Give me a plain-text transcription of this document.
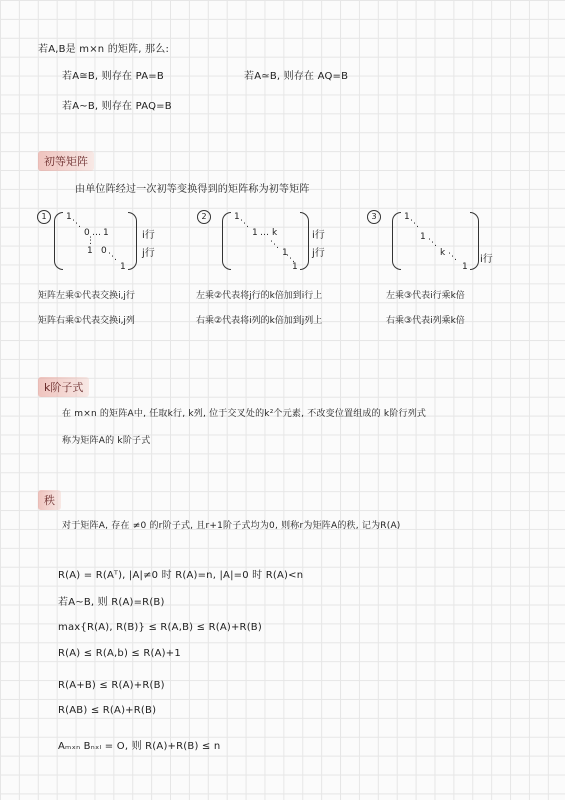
若A,B是 m×n 的矩阵, 那么:
若A≅B, 则存在 PA=B	若A≃B, 则存在 AQ=B
若A~B, 则存在 PAQ=B
初等矩阵
由单位阵经过一次初等变换得到的矩阵称为初等矩阵
1	1
⋱
0 … 1
⋮
1 0
⋱
1
i行
j行
矩阵左乘①代表交换i,j行
矩阵右乘①代表交换i,j列
2	1
⋱
1 … k
⋱
1
⋱
1
i行
j行
左乘②代表将j行的k倍加到i行上
右乘②代表将i列的k倍加到j列上
3	1
⋱
1
⋱
k ⋱
1
i行
左乘③代表i行乘k倍
右乘③代表i列乘k倍
k阶子式
在 m×n 的矩阵A中, 任取k行, k列, 位于交叉处的k²个元素, 不改变位置组成的 k阶行列式
称为矩阵A的 k阶子式
秩
对于矩阵A, 存在 ≠0 的r阶子式, 且r+1阶子式均为0, 则称r为矩阵A的秩, 记为R(A)
R(A) = R(Aᵀ), |A|≠0 时 R(A)=n, |A|=0 时 R(A)<n
若A~B, 则 R(A)=R(B)
max{R(A), R(B)} ≤ R(A,B) ≤ R(A)+R(B)
R(A) ≤ R(A,b) ≤ R(A)+1
R(A+B) ≤ R(A)+R(B)
R(AB) ≤ R(A)+R(B)
Aₘₓₙ Bₙₓₗ = O, 则 R(A)+R(B) ≤ n
